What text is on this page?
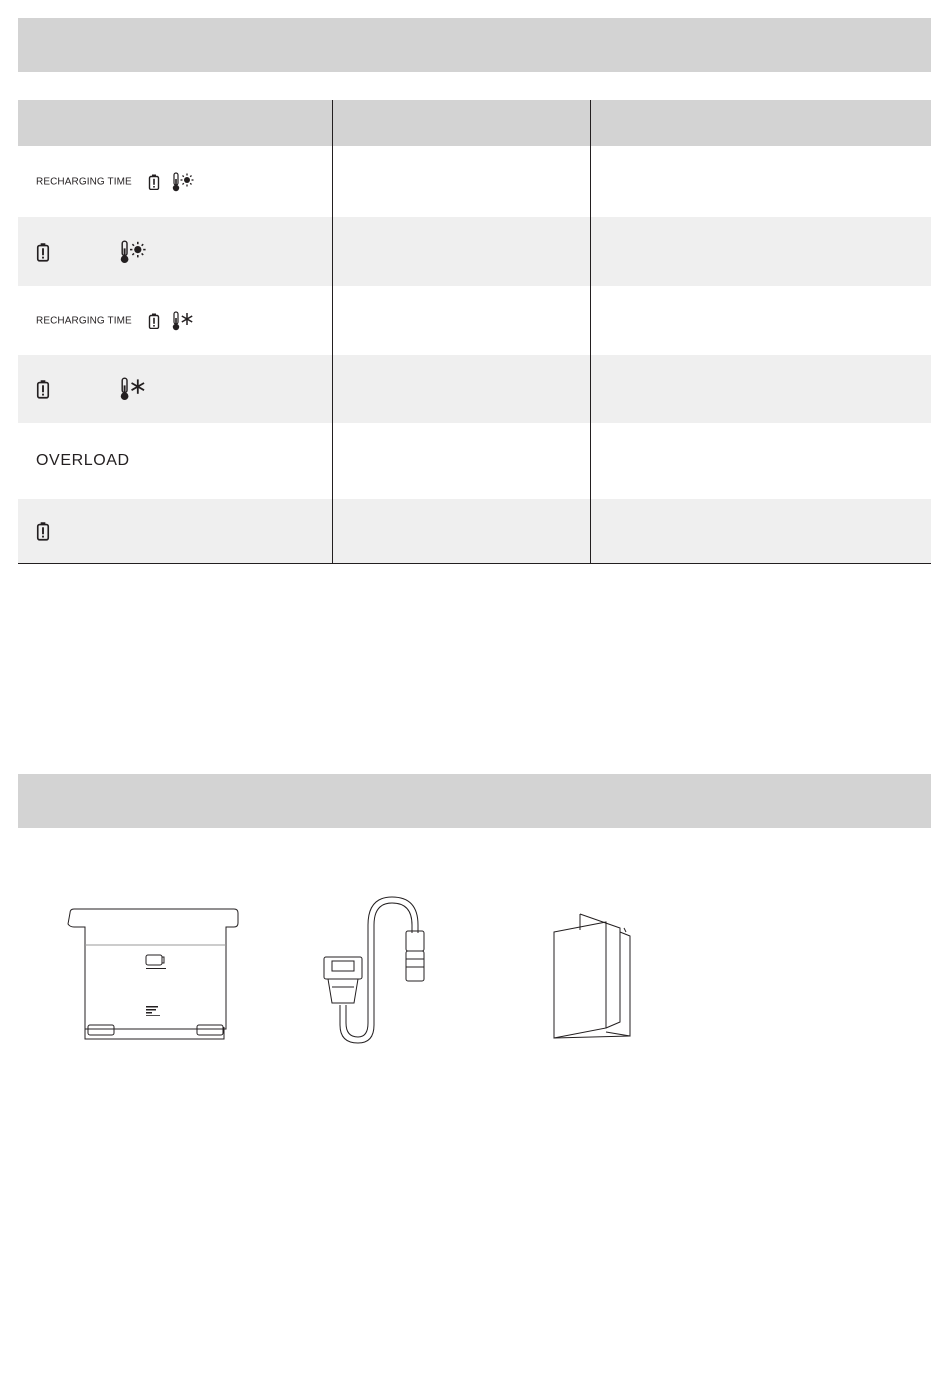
RECHARGING TIME		

RECHARGING TIME		

OVERLOAD		
